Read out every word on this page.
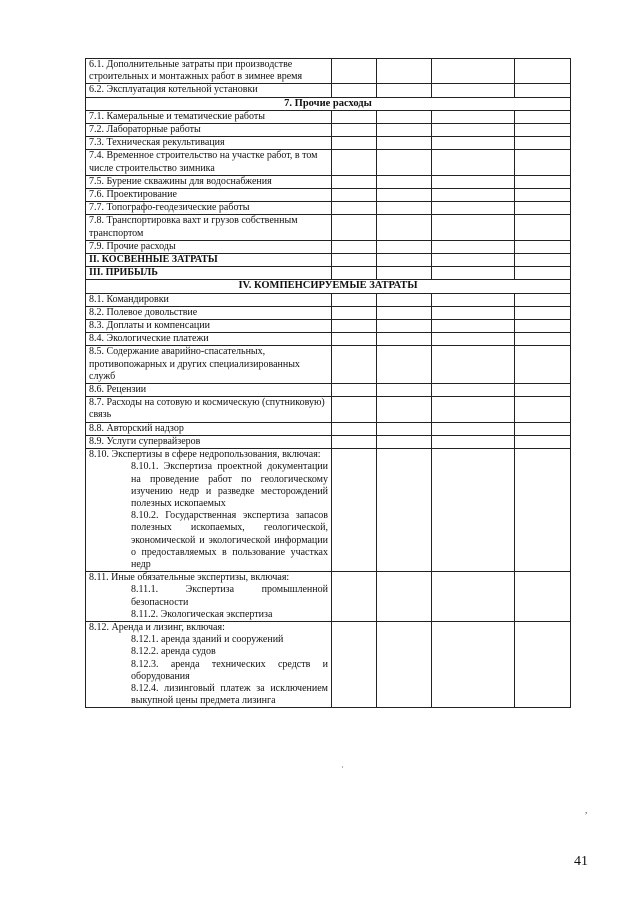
6.1. Дополнительные затраты при производстве строительных и монтажных работ в зимнее время				
6.2. Эксплуатация котельной установки				
7. Прочие расходы				
7.1. Камеральные и тематические работы				
7.2. Лабораторные работы				
7.3. Техническая рекультивация				
7.4. Временное строительство на участке работ, в том числе строительство зимника				
7.5. Бурение скважины для водоснабжения				
7.6. Проектирование				
7.7. Топографо-геодезические работы				
7.8. Транспортировка вахт и грузов собственным транспортом				
7.9. Прочие расходы				
II. КОСВЕННЫЕ ЗАТРАТЫ				
III. ПРИБЫЛЬ				
IV. КОМПЕНСИРУЕМЫЕ ЗАТРАТЫ				
8.1. Командировки				
8.2. Полевое довольствие				
8.3. Доплаты и компенсации				
8.4. Экологические платежи				
8.5. Содержание аварийно-спасательных, противопожарных и других специализированных служб				
8.6. Рецензии				
8.7. Расходы на сотовую и космическую (спутниковую) связь				
8.8. Авторский надзор				
8.9. Услуги супервайзеров				
8.10. Экспертизы в сфере недропользования, включая:
8.10.1. Экспертиза проектной документации на проведение работ по геологическому изучению недр и разведке месторождений полезных ископаемых
8.10.2. Государственная экспертиза запасов полезных ископаемых, геологической, экономической и экологической информации о предоставляемых в пользование участках недр				

8.11. Иные обязательные экспертизы, включая:
8.11.1. Экспертиза промышленной безопасности
8.11.2. Экологическая экспертиза				

8.12. Аренда и лизинг, включая:
8.12.1. аренда зданий и сооружений
8.12.2. аренда судов
8.12.3. аренда технических средств и оборудования
8.12.4. лизинговый платеж за исключением выкупной цены предмета лизинга				

˙
,
41
